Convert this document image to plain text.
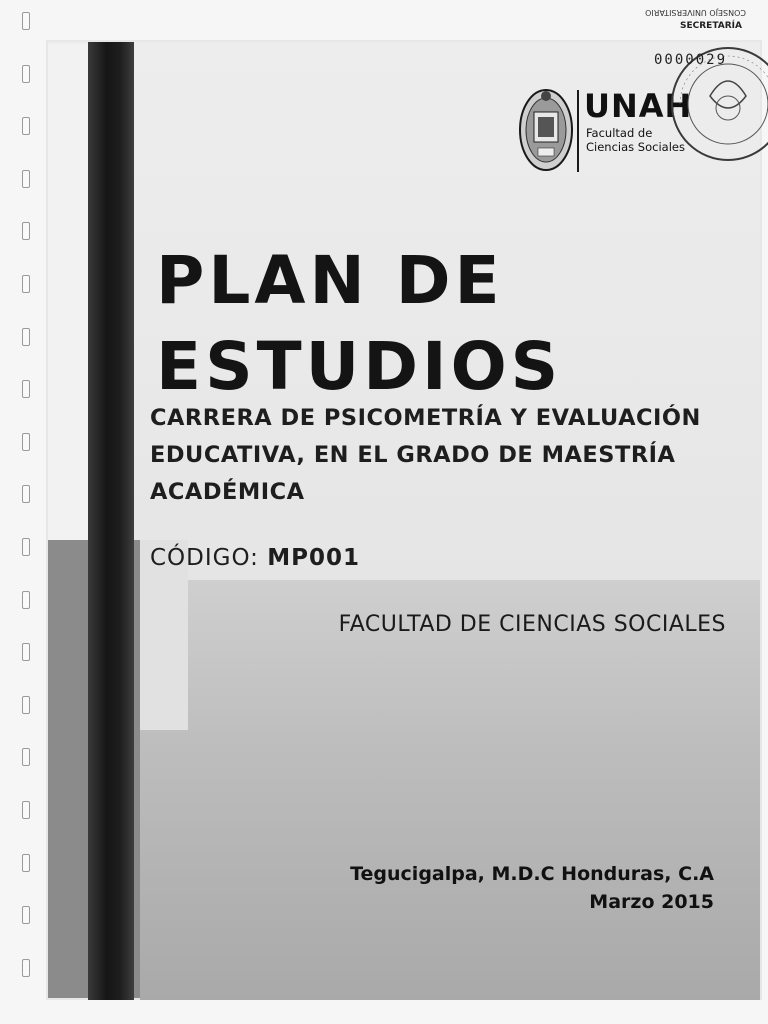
UNAH

Facultad de
Ciencias Sociales

CONSEJO UNIVERSITARIO
SECRETARÍA

0000029

PLAN DE
ESTUDIOS
CARRERA DE PSICOMETRÍA Y EVALUACIÓN
EDUCATIVA, EN EL GRADO DE MAESTRÍA
ACADÉMICA

CÓDIGO: MP001

FACULTAD DE CIENCIAS SOCIALES

Tegucigalpa, M.D.C Honduras, C.A
Marzo 2015
